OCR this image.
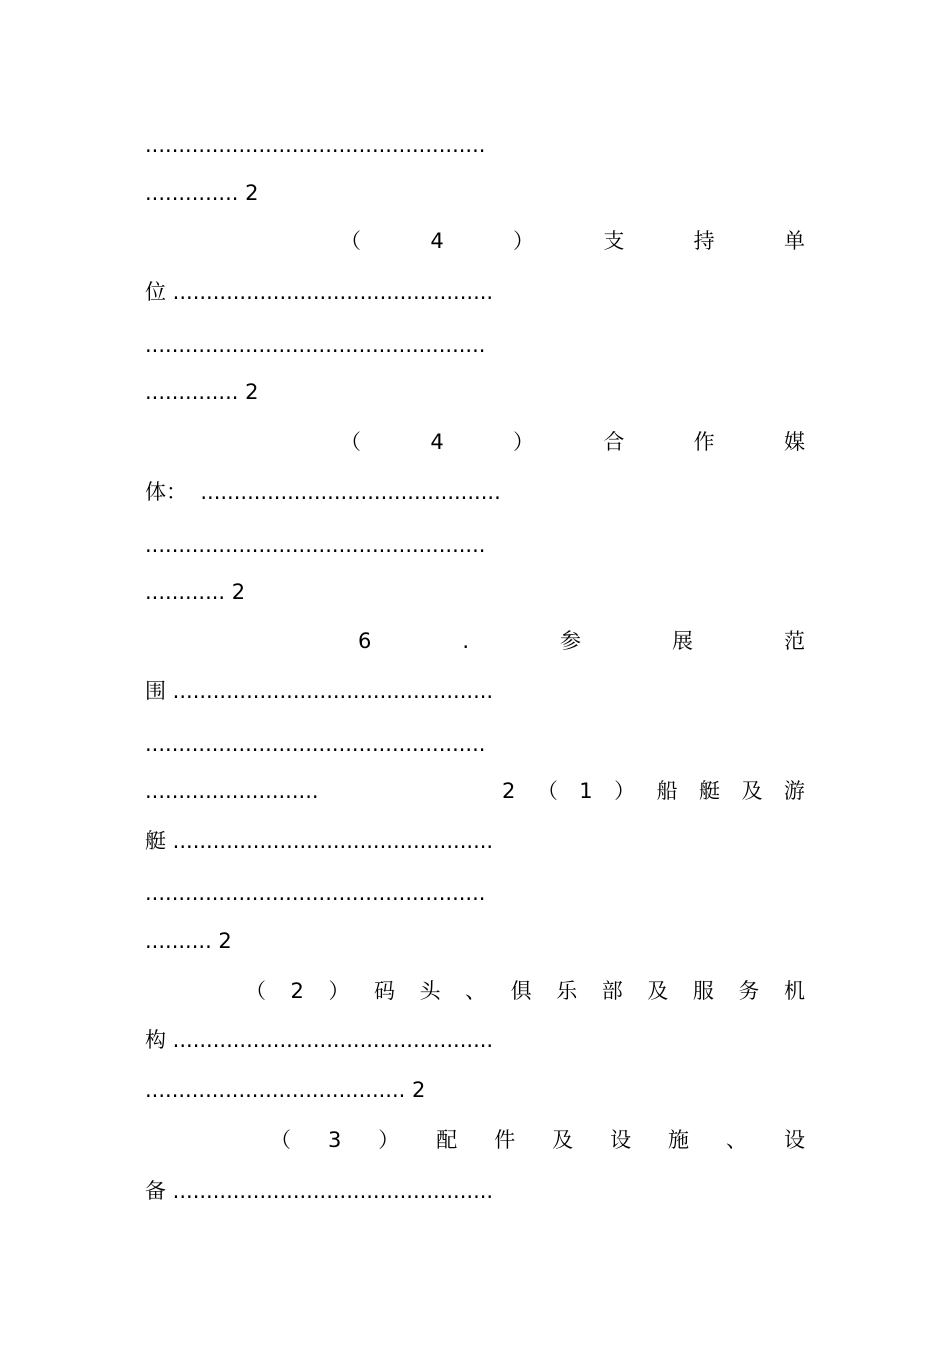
...................................................
.............. 2
（	4	）	支	持	单
位 ................................................
...................................................
.............. 2
（	4	）	合	作	媒
体：  .............................................
...................................................
............ 2
6	.	参	展	范
围 ................................................
...................................................
..........................	2 （ 1 ） 船 艇 及 游
艇 ................................................
...................................................
.......... 2
（ 2 ） 码 头 、 俱 乐 部 及 服 务 机
构 ................................................
....................................... 2
（ 3 ） 配 件 及 设 施 、 设
备 ................................................
